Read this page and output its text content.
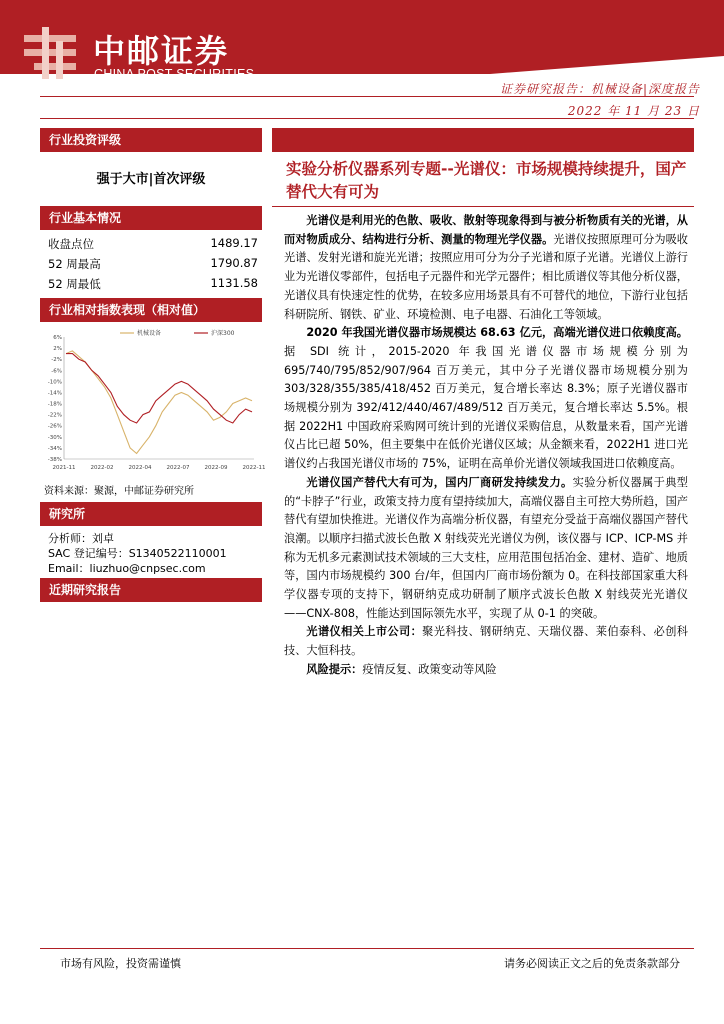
中邮证券
CHINA POST SECURITIES
证券研究报告：机械设备|深度报告
2022 年 11 月 23 日
行业投资评级
强于大市|首次评级
行业基本情况
收盘点位	1489.17
52 周最高	1790.87
52 周最低	1131.58
行业相对指数表现（相对值）
6%
2%
-2%
-6%
-10%
-14%
-18%
-22%
-26%
-30%
-34%
-38%
2021-11	2022-02	2022-04	2022-07	2022-09	2022-11
机械设备	沪深300
资料来源：聚源，中邮证券研究所
研究所
分析师：刘卓
SAC 登记编号：S1340522110001
Email：liuzhuo@cnpsec.com
近期研究报告
实验分析仪器系列专题--光谱仪：市场规模持续提升，国产替代大有可为

光谱仪是利用光的色散、吸收、散射等现象得到与被分析物质有关的光谱，从而对物质成分、结构进行分析、测量的物理光学仪器。光谱仪按照原理可分为吸收光谱、发射光谱和旋光光谱；按照应用可分为分子光谱和原子光谱。光谱仪上游行业为光谱仪零部件，包括电子元器件和光学元器件；相比质谱仪等其他分析仪器，光谱仪具有快速定性的优势，在较多应用场景具有不可替代的地位，下游行业包括科研院所、钢铁、矿业、环境检测、电子电器、石油化工等领域。

2020 年我国光谱仪器市场规模达 68.63 亿元，高端光谱仪进口依赖度高。据 SDI 统计，2015-2020 年我国光谱仪器市场规模分别为 695/740/795/852/907/964 百万美元，其中分子光谱仪器市场规模分别为 303/328/355/385/418/452 百万美元，复合增长率达 8.3%；原子光谱仪器市场规模分别为 392/412/440/467/489/512 百万美元，复合增长率达 5.5%。根据 2022H1 中国政府采购网可统计到的光谱仪采购信息，从数量来看，国产光谱仪占比已超 50%，但主要集中在低价光谱仪区域；从金额来看，2022H1 进口光谱仪约占我国光谱仪市场的 75%，证明在高单价光谱仪领域我国进口依赖度高。

光谱仪国产替代大有可为，国内厂商研发持续发力。实验分析仪器属于典型的“卡脖子”行业，政策支持力度有望持续加大，高端仪器自主可控大势所趋，国产替代有望加快推进。光谱仪作为高端分析仪器，有望充分受益于高端仪器国产替代浪潮。以顺序扫描式波长色散 X 射线荧光光谱仪为例，该仪器与 ICP、ICP-MS 并称为无机多元素测试技术领域的三大支柱，应用范围包括冶金、建材、造矿、地质等，国内市场规模约 300 台/年，但国内厂商市场份额为 0。在科技部国家重大科学仪器专项的支持下，钢研纳克成功研制了顺序式波长色散 X 射线荧光光谱仪——CNX-808，性能达到国际领先水平，实现了从 0-1 的突破。

光谱仪相关上市公司：聚光科技、钢研纳克、天瑞仪器、莱伯泰科、必创科技、大恒科技。

风险提示：疫情反复、政策变动等风险

市场有风险，投资需谨慎	请务必阅读正文之后的免责条款部分
